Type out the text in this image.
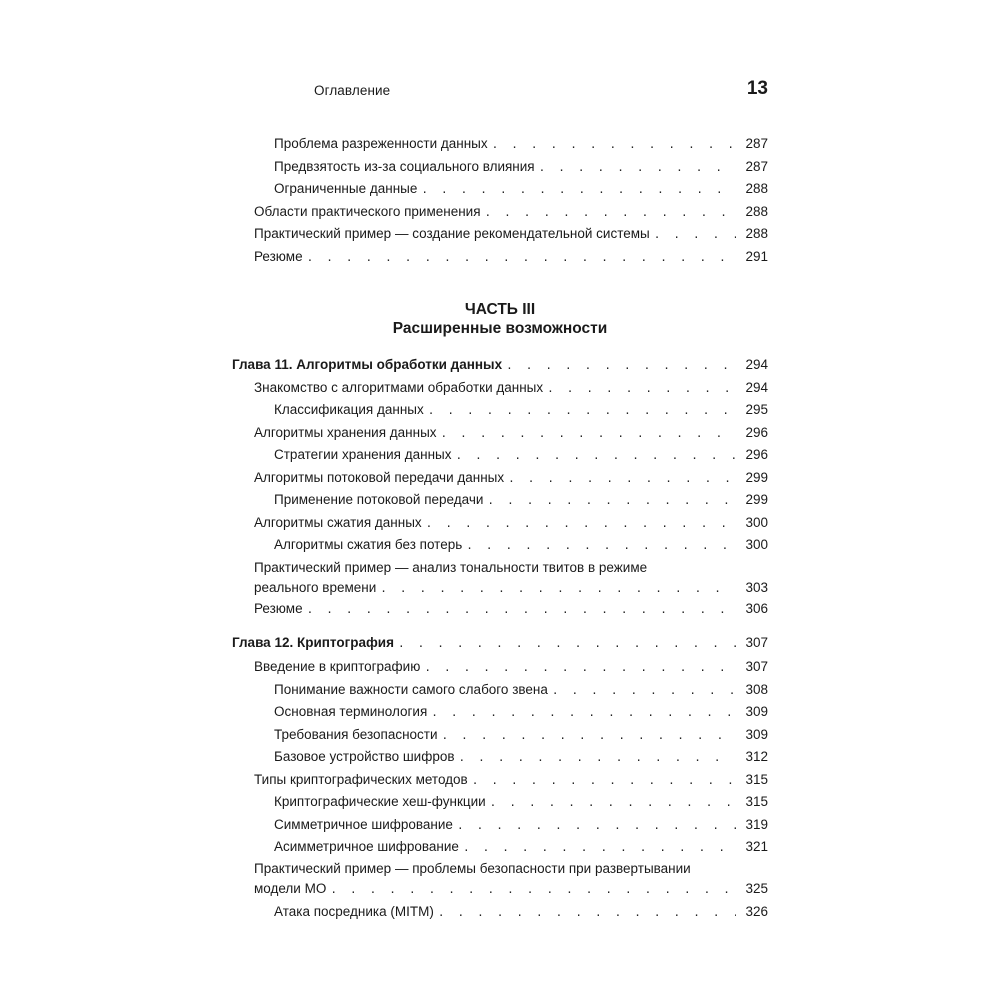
Оглавление	13
Проблема разреженности данных . . .	287
Предвзятость из-за социального влияния . . .	287
Ограниченные данные . . .	288
Области практического применения . . .	288
Практический пример — создание рекомендательной системы . . .	288
Резюме . . .	291
ЧАСТЬ III
Расширенные возможности
Глава 11. Алгоритмы обработки данных . . .	294
Знакомство с алгоритмами обработки данных . . .	294
Классификация данных . . .	295
Алгоритмы хранения данных . . .	296
Стратегии хранения данных . . .	296
Алгоритмы потоковой передачи данных . . .	299
Применение потоковой передачи . . .	299
Алгоритмы сжатия данных . . .	300
Алгоритмы сжатия без потерь . . .	300
Практический пример — анализ тональности твитов в режиме
реального времени . . .	303
Резюме . . .	306
Глава 12. Криптография . . .	307
Введение в криптографию . . .	307
Понимание важности самого слабого звена . . .	308
Основная терминология . . .	309
Требования безопасности . . .	309
Базовое устройство шифров . . .	312
Типы криптографических методов . . .	315
Криптографические хеш-функции . . .	315
Симметричное шифрование . . .	319
Асимметричное шифрование . . .	321
Практический пример — проблемы безопасности при развертывании
модели МО . . .	325
Атака посредника (MITM) . . .	326
